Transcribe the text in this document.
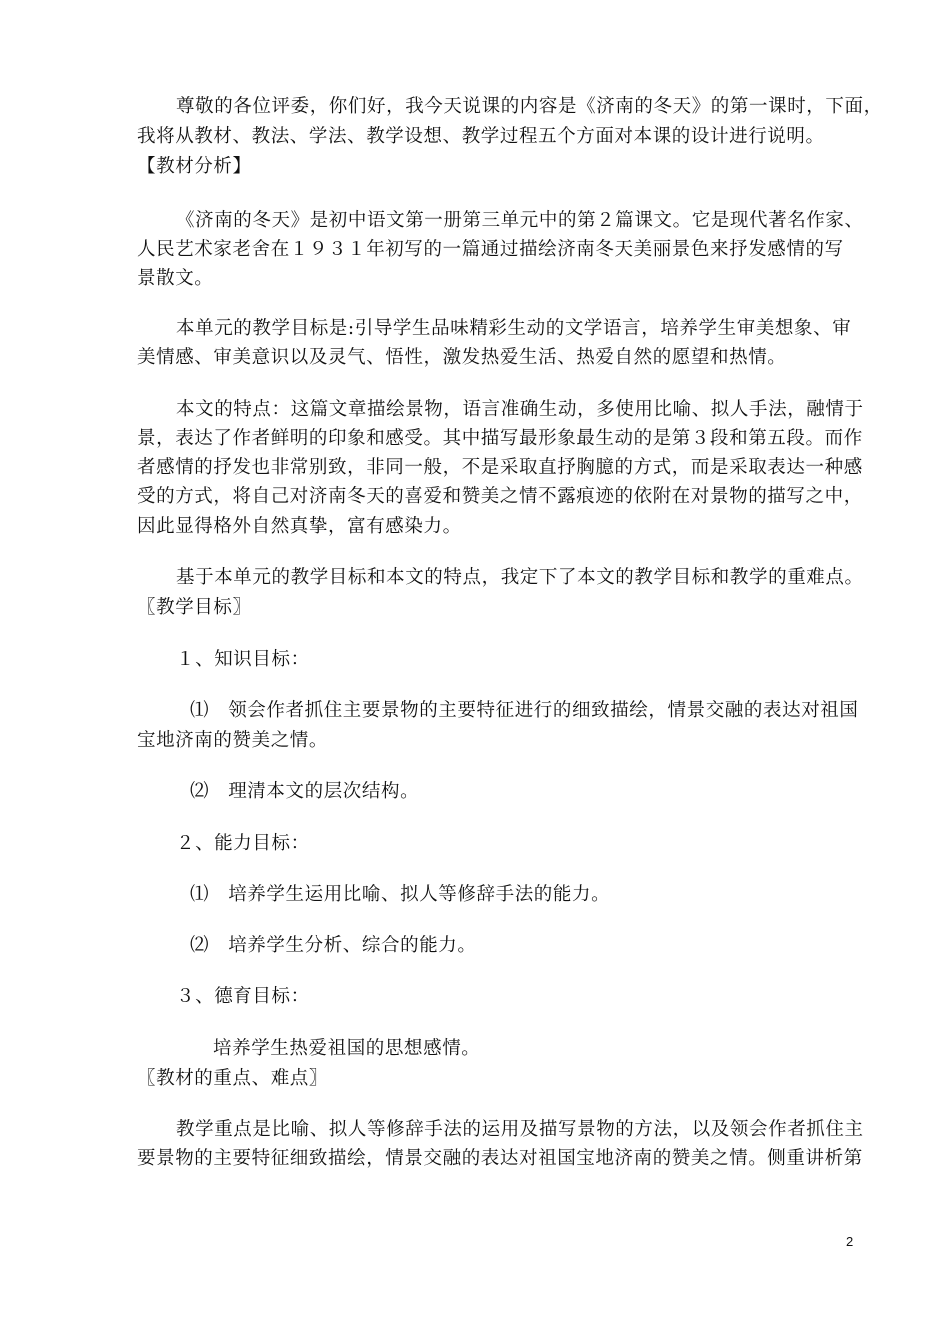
尊敬的各位评委，你们好，我今天说课的内容是《济南的冬天》的第一课时，下面，
我将从教材、教法、学法、教学设想、教学过程五个方面对本课的设计进行说明。
【教材分析】
《济南的冬天》是初中语文第一册第三单元中的第２篇课文。它是现代著名作家、
人民艺术家老舍在１９３１年初写的一篇通过描绘济南冬天美丽景色来抒发感情的写
景散文。
本单元的教学目标是:引导学生品味精彩生动的文学语言，培养学生审美想象、审
美情感、审美意识以及灵气、悟性，激发热爱生活、热爱自然的愿望和热情。
本文的特点：这篇文章描绘景物，语言准确生动，多使用比喻、拟人手法，融情于
景，表达了作者鲜明的印象和感受。其中描写最形象最生动的是第３段和第五段。而作
者感情的抒发也非常别致，非同一般，不是采取直抒胸臆的方式，而是采取表达一种感
受的方式，将自己对济南冬天的喜爱和赞美之情不露痕迹的依附在对景物的描写之中，
因此显得格外自然真挚，富有感染力。
基于本单元的教学目标和本文的特点，我定下了本文的教学目标和教学的重难点。
〖教学目标〗
１、知识目标：
⑴　领会作者抓住主要景物的主要特征进行的细致描绘，情景交融的表达对祖国
宝地济南的赞美之情。
⑵　理清本文的层次结构。
２、能力目标：
⑴　培养学生运用比喻、拟人等修辞手法的能力。
⑵　培养学生分析、综合的能力。
３、德育目标：
培养学生热爱祖国的思想感情。
〖教材的重点、难点〗
教学重点是比喻、拟人等修辞手法的运用及描写景物的方法，以及领会作者抓住主
要景物的主要特征细致描绘，情景交融的表达对祖国宝地济南的赞美之情。侧重讲析第
2
